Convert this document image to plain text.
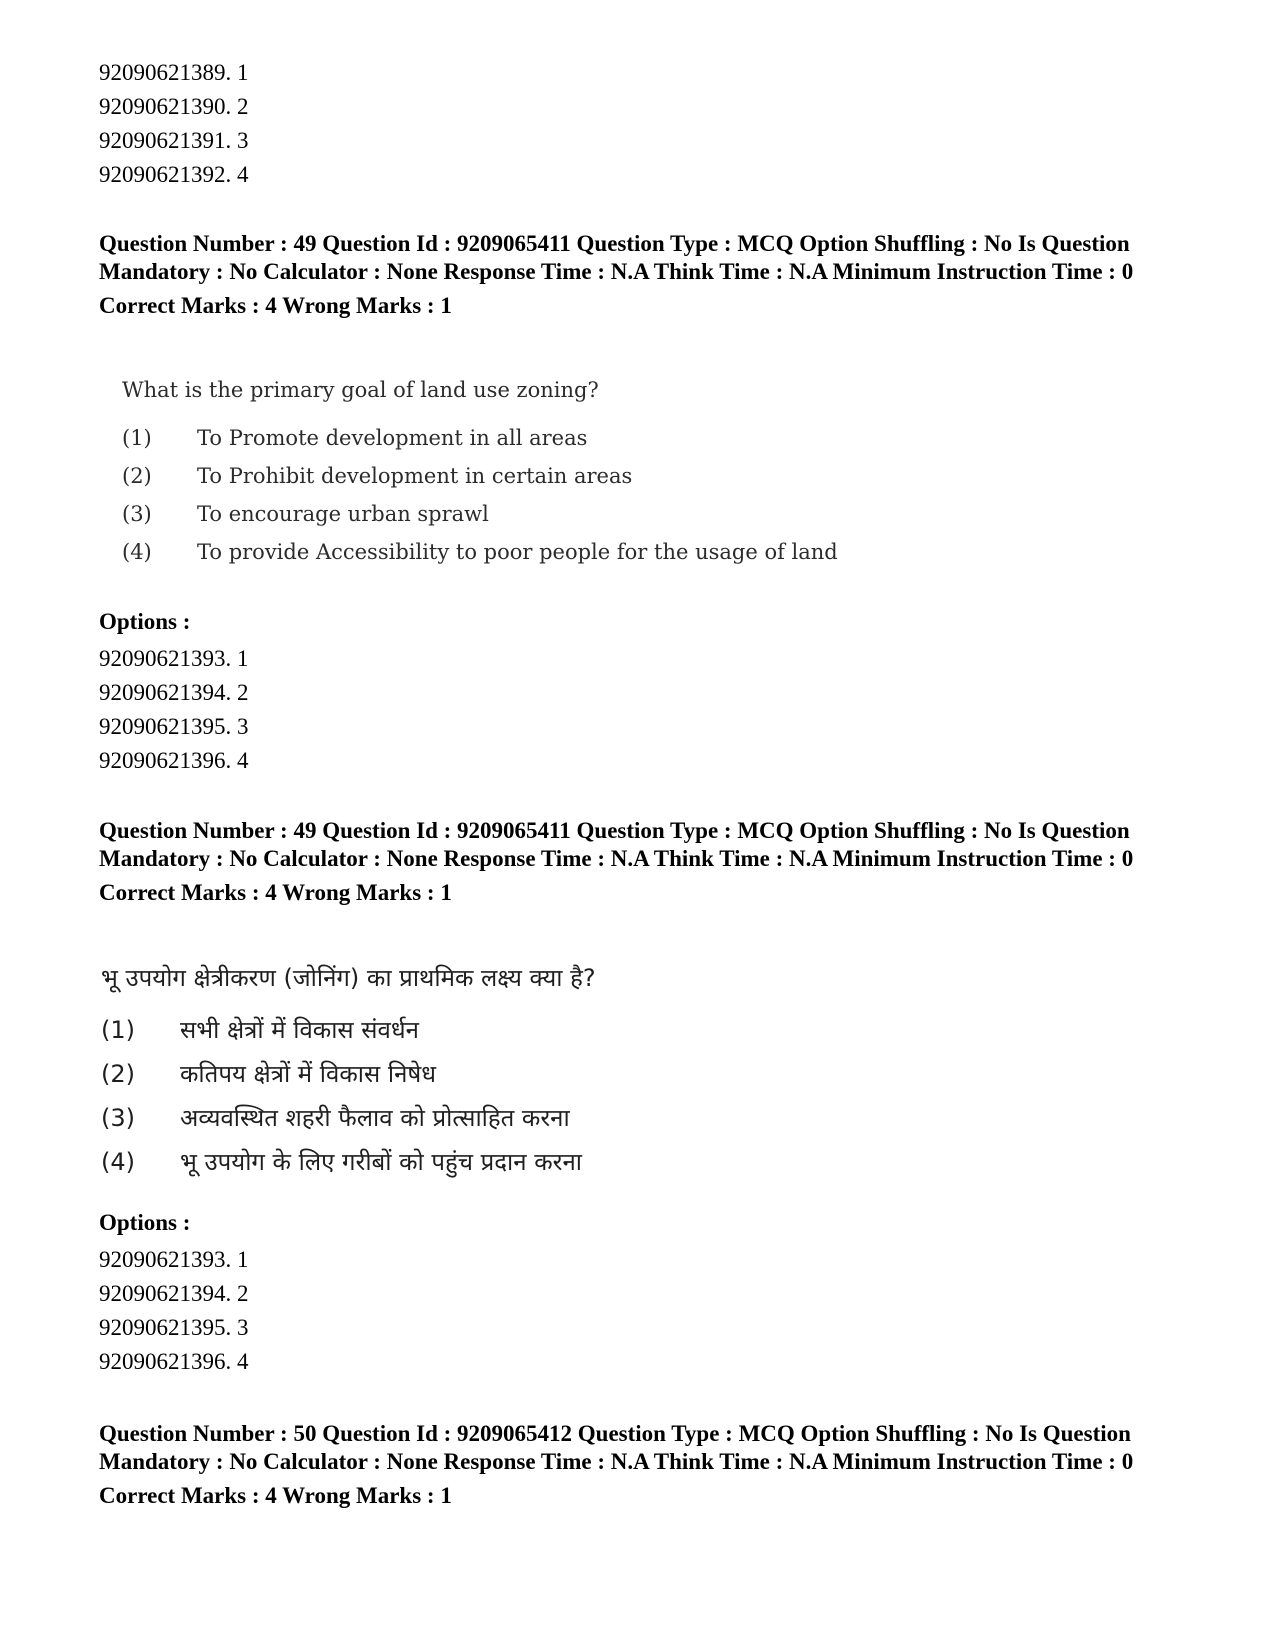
92090621389. 1
92090621390. 2
92090621391. 3
92090621392. 4
Question Number : 49 Question Id : 9209065411 Question Type : MCQ Option Shuffling : No Is Question Mandatory : No Calculator : None Response Time : N.A Think Time : N.A Minimum Instruction Time : 0
Correct Marks : 4 Wrong Marks : 1
What is the primary goal of land use zoning?
(1)	To Promote development in all areas
(2)	To Prohibit development in certain areas
(3)	To encourage urban sprawl
(4)	To provide Accessibility to poor people for the usage of land
Options :
92090621393. 1
92090621394. 2
92090621395. 3
92090621396. 4
Question Number : 49 Question Id : 9209065411 Question Type : MCQ Option Shuffling : No Is Question Mandatory : No Calculator : None Response Time : N.A Think Time : N.A Minimum Instruction Time : 0
Correct Marks : 4 Wrong Marks : 1
भू उपयोग क्षेत्रीकरण (जोनिंग) का प्राथमिक लक्ष्य क्या है?
(1)	सभी क्षेत्रों में विकास संवर्धन
(2)	कतिपय क्षेत्रों में विकास निषेध
(3)	अव्यवस्थित शहरी फैलाव को प्रोत्साहित करना
(4)	भू उपयोग के लिए गरीबों को पहुंच प्रदान करना
Options :
92090621393. 1
92090621394. 2
92090621395. 3
92090621396. 4
Question Number : 50 Question Id : 9209065412 Question Type : MCQ Option Shuffling : No Is Question Mandatory : No Calculator : None Response Time : N.A Think Time : N.A Minimum Instruction Time : 0
Correct Marks : 4 Wrong Marks : 1
